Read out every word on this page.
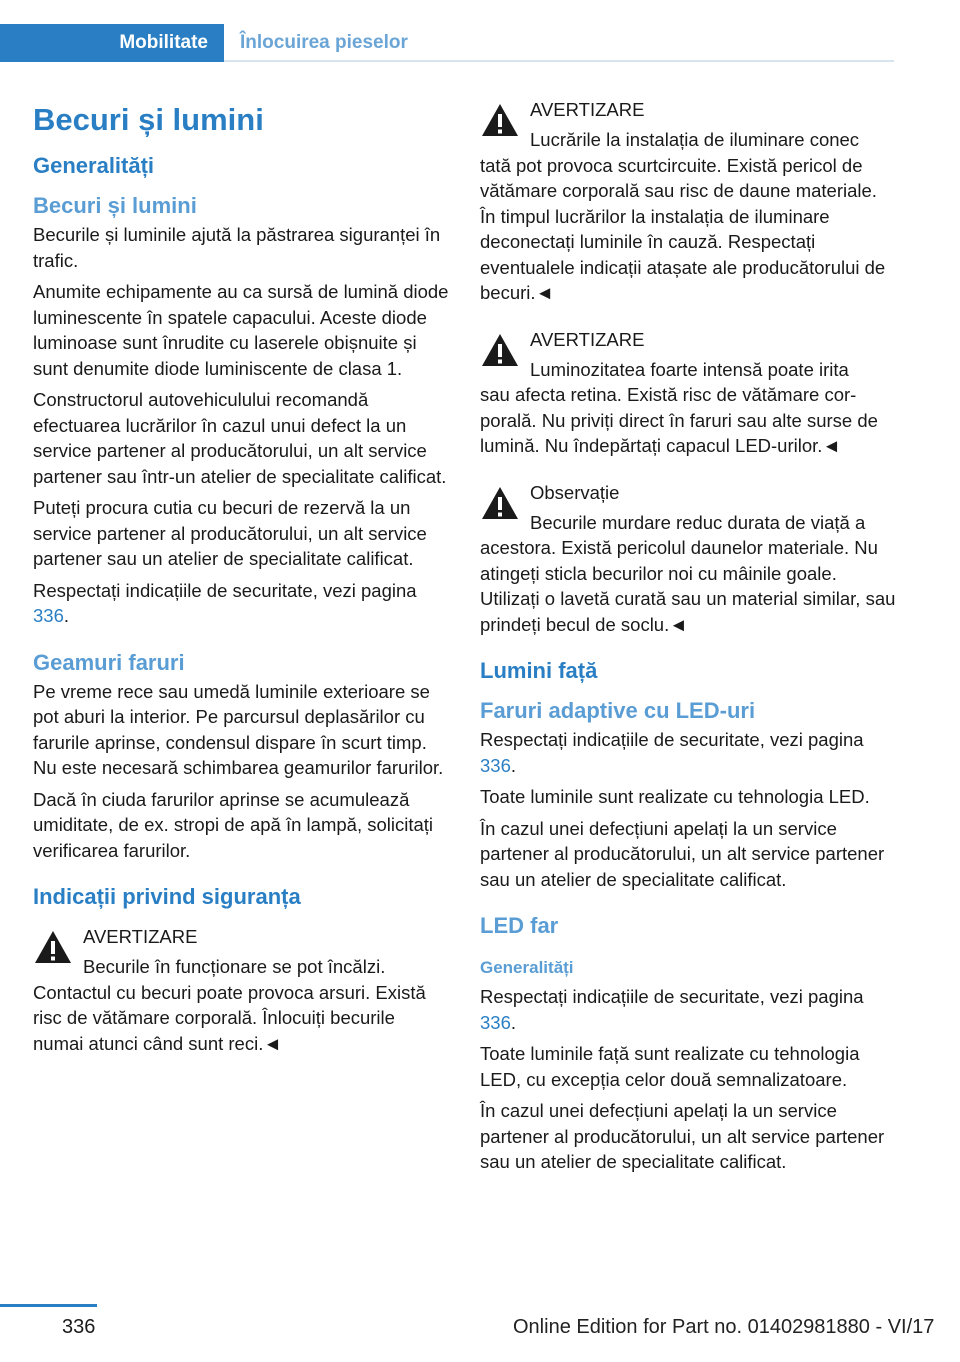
Mobilitate	Înlocuirea pieselor
Becuri și lumini
Generalități
Becuri și lumini

Becurile și luminile ajută la păstrarea siguranței în trafic.

Anumite echipamente au ca sursă de lumină diode luminescente în spatele capacului. Aceste diode luminoase sunt înrudite cu laserele obișnuite și sunt denumite diode luminiscente de clasa 1.

Constructorul autovehiculului recomandă efectuarea lucrărilor în cazul unui defect la un service partener al producătorului, un alt service partener sau într-un atelier de specialitate calificat.

Puteți procura cutia cu becuri de rezervă la un service partener al producătorului, un alt service partener sau un atelier de specialitate calificat.

Respectați indicațiile de securitate, vezi pagina 336.

Geamuri faruri

Pe vreme rece sau umedă luminile exterioare se pot aburi la interior. Pe parcursul deplasărilor cu farurile aprinse, condensul dispare în scurt timp. Nu este necesară schimbarea geamurilor farurilor.

Dacă în ciuda farurilor aprinse se acumulează umiditate, de ex. stropi de apă în lampă, solicitați verificarea farurilor.

Indicații privind siguranța
AVERTIZARE
Becurile în funcționare se pot încălzi.
Contactul cu becuri poate provoca arsuri. Există risc de vătămare corporală. Înlocuiți becurile numai atunci când sunt reci.◄
AVERTIZARE
Lucrările la instalația de iluminare conec
tată pot provoca scurtcircuite. Există pericol de vătămare corporală sau risc de daune materiale. În timpul lucrărilor la instalația de iluminare deconectați luminile în cauză. Respectați eventualele indicații atașate ale producătorului de becuri.◄
AVERTIZARE
Luminozitatea foarte intensă poate irita
sau afecta retina. Există risc de vătămare corporală. Nu priviți direct în faruri sau alte surse de lumină. Nu îndepărtați capacul LED-urilor.◄
Observație
Becurile murdare reduc durata de viață a
acestora. Există pericolul daunelor materiale. Nu atingeți sticla becurilor noi cu mâinile goale. Utilizați o lavetă curată sau un material similar, sau prindeți becul de soclu.◄
Lumini față
Faruri adaptive cu LED-uri

Respectați indicațiile de securitate, vezi pagina 336.

Toate luminile sunt realizate cu tehnologia LED.

În cazul unei defecțiuni apelați la un service partener al producătorului, un alt service partener sau un atelier de specialitate calificat.

LED far
Generalități

Respectați indicațiile de securitate, vezi pagina 336.

Toate luminile față sunt realizate cu tehnologia LED, cu excepția celor două semnalizatoare.

În cazul unei defecțiuni apelați la un service partener al producătorului, un alt service partener sau un atelier de specialitate calificat.

336	Online Edition for Part no. 01402981880 - VI/17
